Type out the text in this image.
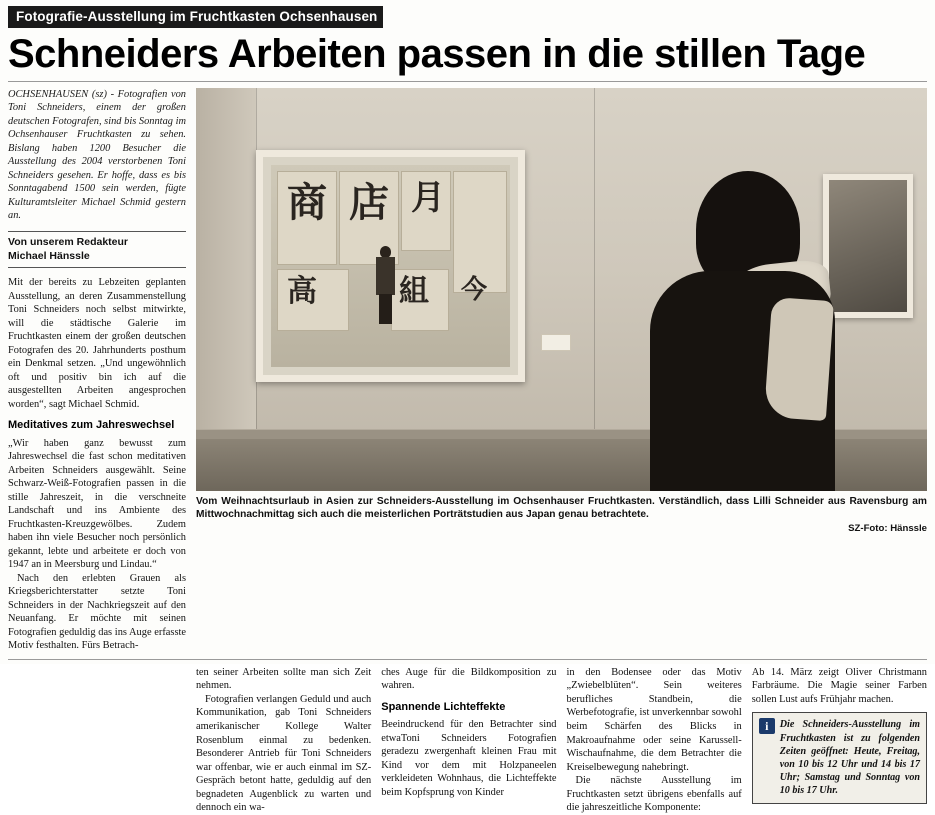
Fotografie-Ausstellung im Fruchtkasten Ochsenhausen
Schneiders Arbeiten passen in die stillen Tage
OCHSENHAUSEN (sz) - Fotografien von Toni Schneiders, einem der großen deutschen Fotografen, sind bis Sonntag im Ochsenhauser Fruchtkasten zu sehen. Bislang haben 1200 Besucher die Ausstellung des 2004 verstorbenen Toni Schneiders gesehen. Er hoffe, dass es bis Sonntagabend 1500 sein werden, fügte Kulturamtsleiter Michael Schmid gestern an.
Von unserem Redakteur
Michael Hänssle

Mit der bereits zu Lebzeiten geplanten Ausstellung, an deren Zusammenstellung Toni Schneiders noch selbst mitwirkte, will die städtische Galerie im Fruchtkasten einem der großen deutschen Fotografen des 20. Jahrhunderts posthum ein Denkmal setzen. „Und ungewöhnlich oft und positiv bin ich auf die ausgestellten Arbeiten angesprochen worden“, sagt Michael Schmid.

Meditatives zum Jahreswechsel

„Wir haben ganz bewusst zum Jahreswechsel die fast schon meditativen Arbeiten Schneiders ausgewählt. Seine Schwarz-Weiß-Fotografien passen in die stille Jahreszeit, in die verschneite Landschaft und ins Ambiente des Fruchtkasten-Kreuzgewölbes. Zudem haben ihn viele Besucher noch persönlich gekannt, lebte und arbeitete er doch von 1947 an in Meersburg und Lindau.“

Nach den erlebten Grauen als Kriegsberichterstatter setzte Toni Schneiders in der Nachkriegszeit auf den Neuanfang. Er möchte mit seinen Fotografien geduldig das ins Auge erfasste Motiv festhalten. Fürs Betrach-

商 店 月
高	組 今
Vom Weihnachtsurlaub in Asien zur Schneiders-Ausstellung im Ochsenhauser Fruchtkasten. Verständlich, dass Lilli Schneider aus Ravensburg am Mittwochnachmittag sich auch die meisterlichen Porträtstudien aus Japan genau betrachtete.
SZ-Foto: Hänssle

ten seiner Arbeiten sollte man sich Zeit nehmen.

Fotografien verlangen Geduld und auch Kommunikation, gab Toni Schneiders amerikanischer Kollege Walter Rosenblum einmal zu bedenken. Besonderer Antrieb für Toni Schneiders war offenbar, wie er auch einmal im SZ-Gespräch betont hatte, geduldig auf den begnadeten Augenblick zu warten und dennoch ein wa-

ches Auge für die Bildkomposition zu wahren.

Spannende Lichteffekte

Beeindruckend für den Betrachter sind etwaToni Schneiders Fotografien geradezu zwergenhaft kleinen Frau mit Kind vor dem mit Holzpaneelen verkleideten Wohnhaus, die Lichteffekte beim Kopfsprung von Kinder

in den Bodensee oder das Motiv „Zwiebelblüten“. Sein weiteres berufliches Standbein, die Werbefotografie, ist unverkennbar sowohl beim Schärfen des Blicks in Makroaufnahme oder seine Karussell-Wischaufnahme, die dem Betrachter die Kreiselbewegung nahebringt.

Die nächste Ausstellung im Fruchtkasten setzt übrigens ebenfalls auf die jahreszeitliche Komponente:

Ab 14. März zeigt Oliver Christmann Farbräume. Die Magie seiner Farben sollen Lust aufs Frühjahr machen.

i	Die Schneiders-Ausstellung im Fruchtkasten ist zu folgenden Zeiten geöffnet: Heute, Freitag, von 10 bis 12 Uhr und 14 bis 17 Uhr; Samstag und Sonntag von 10 bis 17 Uhr.
